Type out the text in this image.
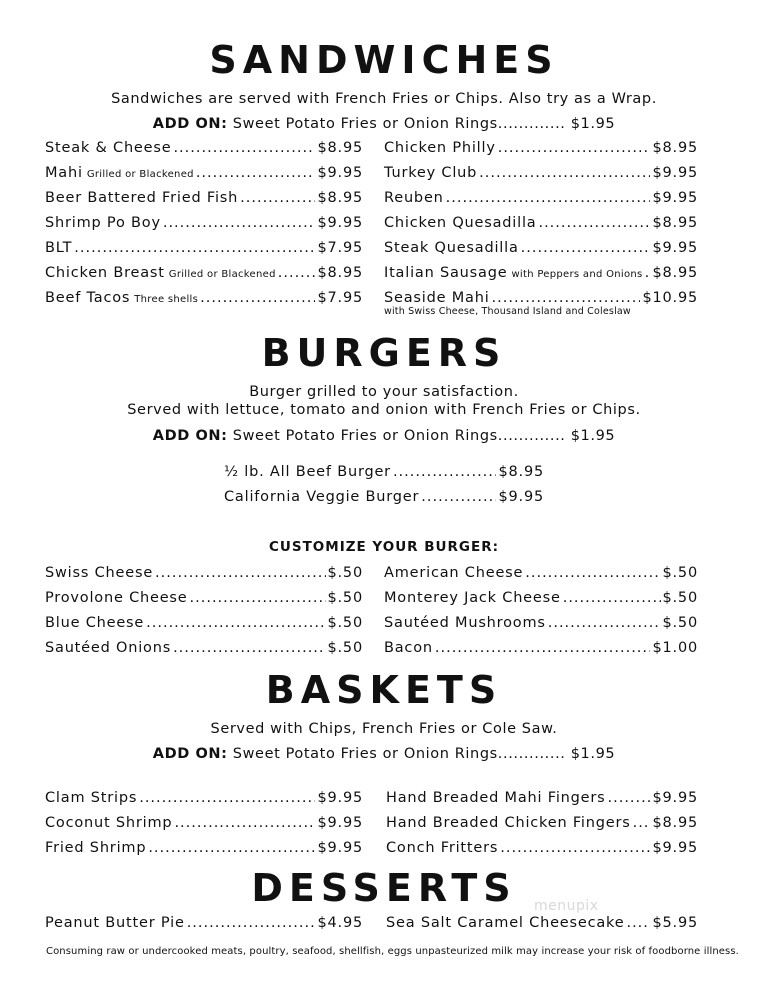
SANDWICHES
Sandwiches are served with French Fries or Chips. Also try as a Wrap.
ADD ON: Sweet Potato Fries or Onion Rings............. $1.95
Steak & Cheese .....	$8.95
Mahi Grilled or Blackened .....	$9.95
Beer Battered Fried Fish .....	$8.95
Shrimp Po Boy .....	$9.95
BLT .....	$7.95
Chicken Breast Grilled or Blackened .....	$8.95
Beef Tacos Three shells .....	$7.95
Chicken Philly .....	$8.95
Turkey Club .....	$9.95
Reuben .....	$9.95
Chicken Quesadilla .....	$8.95
Steak Quesadilla .....	$9.95
Italian Sausage with Peppers and Onions ..... $8.95
Seaside Mahi .....	$10.95
with Swiss Cheese, Thousand Island and Coleslaw
BURGERS
Burger grilled to your satisfaction.
Served with lettuce, tomato and onion with French Fries or Chips.
ADD ON: Sweet Potato Fries or Onion Rings............. $1.95
½ lb. All Beef Burger .....	$8.95
California Veggie Burger .....	$9.95
CUSTOMIZE YOUR BURGER:
Swiss Cheese .....	$.50
Provolone Cheese .....	$.50
Blue Cheese .....	$.50
Sautéed Onions .....	$.50
American Cheese .....	$.50
Monterey Jack Cheese .....	$.50
Sautéed Mushrooms .....	$.50
Bacon .....	$1.00
BASKETS
Served with Chips, French Fries or Cole Saw.
ADD ON: Sweet Potato Fries or Onion Rings............. $1.95
Clam Strips .....	$9.95
Coconut Shrimp .....	$9.95
Fried Shrimp .....	$9.95
Hand Breaded Mahi Fingers .....	$9.95
Hand Breaded Chicken Fingers ..... $8.95
Conch Fritters .....	$9.95
DESSERTS	menupix
Peanut Butter Pie .....	$4.95 Sea Salt Caramel Cheesecake ..... $5.95
Consuming raw or undercooked meats, poultry, seafood, shellfish, eggs unpasteurized milk may increase your risk of foodborne illness.
